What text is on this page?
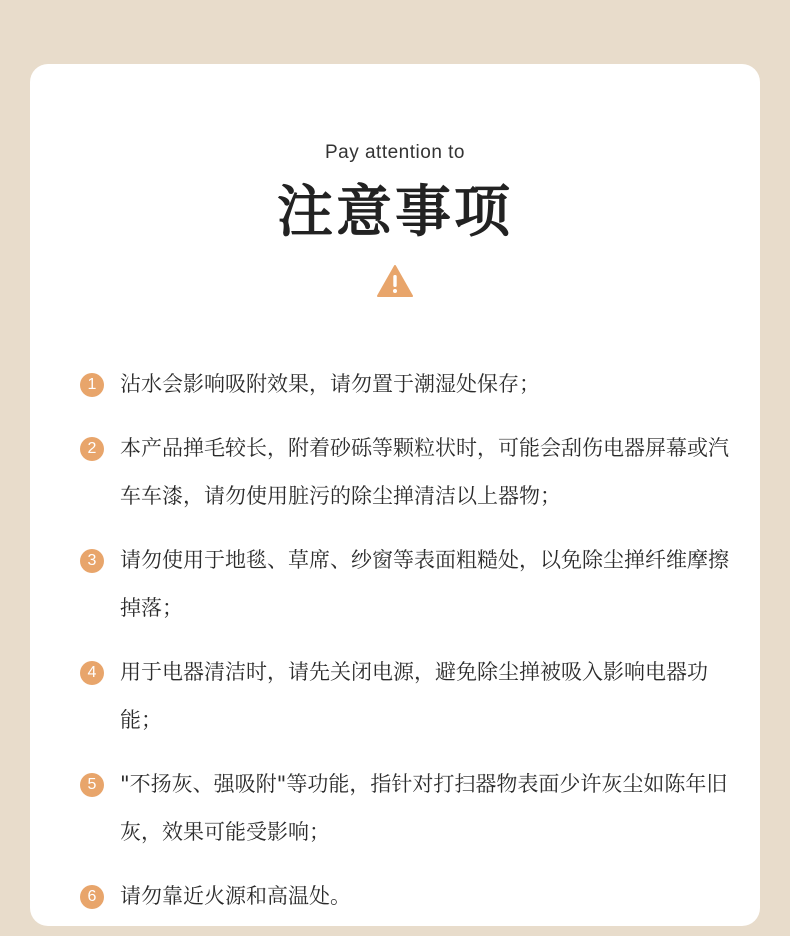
Pay attention to
注意事项
1	沾水会影响吸附效果，请勿置于潮湿处保存；
2	本产品掸毛较长，附着砂砾等颗粒状时，可能会刮伤电器屏幕或汽车车漆，请勿使用脏污的除尘掸清洁以上器物；
3	请勿使用于地毯、草席、纱窗等表面粗糙处，以免除尘掸纤维摩擦掉落；
4	用于电器清洁时，请先关闭电源，避免除尘掸被吸入影响电器功能；
5	"不扬灰、强吸附"等功能，指针对打扫器物表面少许灰尘如陈年旧灰，效果可能受影响；
6	请勿靠近火源和高温处。
